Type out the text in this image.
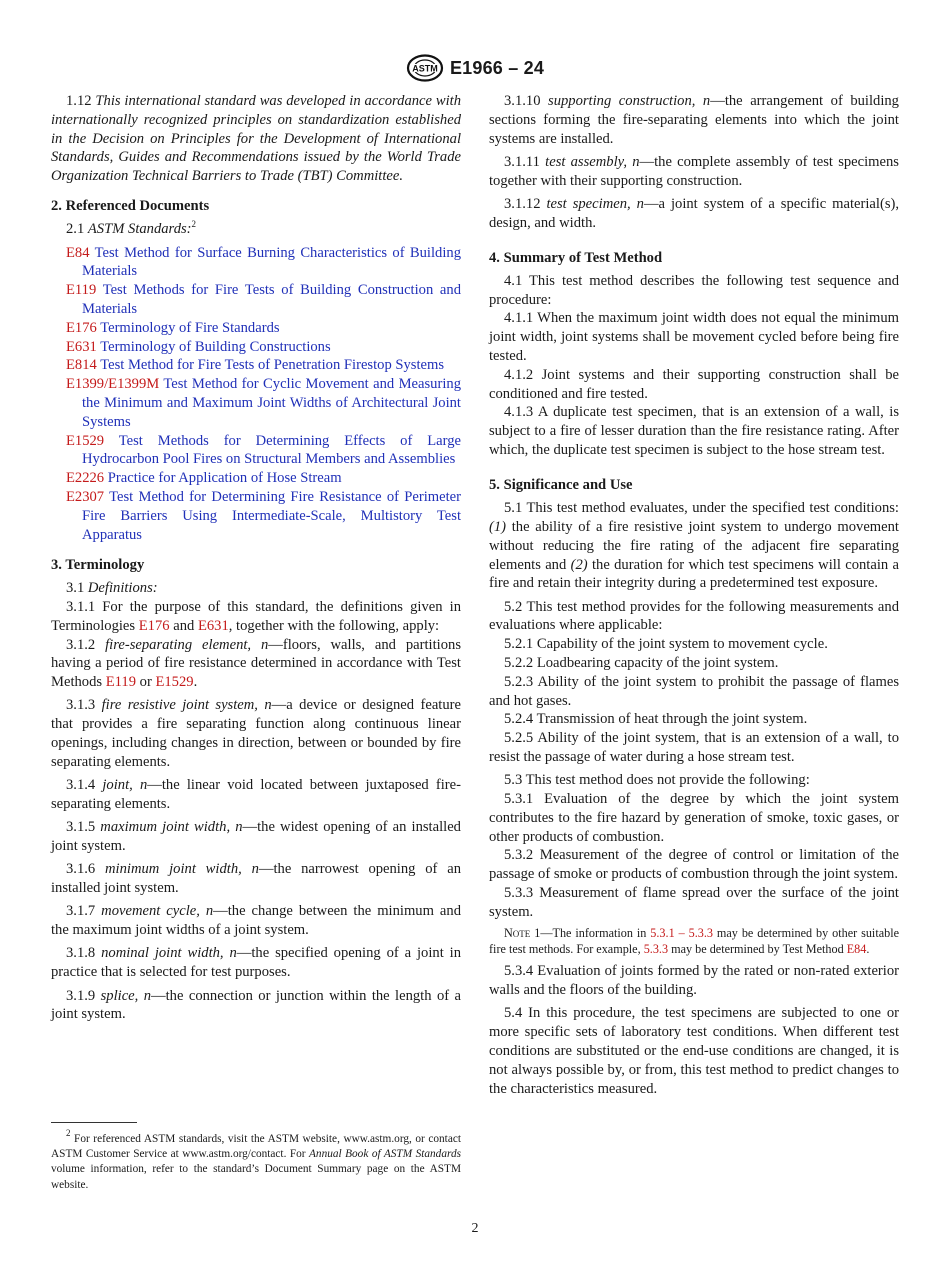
ASTM E1966 – 24

1.12 This international standard was developed in accordance with internationally recognized principles on standardization established in the Decision on Principles for the Development of International Standards, Guides and Recommendations issued by the World Trade Organization Technical Barriers to Trade (TBT) Committee.

2. Referenced Documents

2.1 ASTM Standards:$^2$

E84 Test Method for Surface Burning Characteristics of Building Materials

E119 Test Methods for Fire Tests of Building Construction and Materials

E176 Terminology of Fire Standards

E631 Terminology of Building Constructions

E814 Test Method for Fire Tests of Penetration Firestop Systems

E1399/E1399M Test Method for Cyclic Movement and Measuring the Minimum and Maximum Joint Widths of Architectural Joint Systems

E1529 Test Methods for Determining Effects of Large Hydrocarbon Pool Fires on Structural Members and Assemblies

E2226 Practice for Application of Hose Stream

E2307 Test Method for Determining Fire Resistance of Perimeter Fire Barriers Using Intermediate-Scale, Multistory Test Apparatus

3. Terminology

3.1 Definitions:

3.1.1 For the purpose of this standard, the definitions given in Terminologies E176 and E631, together with the following, apply:

3.1.2 fire-separating element, n—floors, walls, and partitions having a period of fire resistance determined in accordance with Test Methods E119 or E1529.

3.1.3 fire resistive joint system, n—a device or designed feature that provides a fire separating function along continuous linear openings, including changes in direction, between or bounded by fire separating elements.

3.1.4 joint, n—the linear void located between juxtaposed fire-separating elements.

3.1.5 maximum joint width, n—the widest opening of an installed joint system.

3.1.6 minimum joint width, n—the narrowest opening of an installed joint system.

3.1.7 movement cycle, n—the change between the minimum and the maximum joint widths of a joint system.

3.1.8 nominal joint width, n—the specified opening of a joint in practice that is selected for test purposes.

3.1.9 splice, n—the connection or junction within the length of a joint system.

$^2$ For referenced ASTM standards, visit the ASTM website, www.astm.org, or contact ASTM Customer Service at www.astm.org/contact. For Annual Book of ASTM Standards volume information, refer to the standard’s Document Summary page on the ASTM website.

3.1.10 supporting construction, n—the arrangement of building sections forming the fire-separating elements into which the joint systems are installed.

3.1.11 test assembly, n—the complete assembly of test specimens together with their supporting construction.

3.1.12 test specimen, n—a joint system of a specific material(s), design, and width.

4. Summary of Test Method

4.1 This test method describes the following test sequence and procedure:

4.1.1 When the maximum joint width does not equal the minimum joint width, joint systems shall be movement cycled before being fire tested.

4.1.2 Joint systems and their supporting construction shall be conditioned and fire tested.

4.1.3 A duplicate test specimen, that is an extension of a wall, is subject to a fire of lesser duration than the fire resistance rating. After which, the duplicate test specimen is subject to the hose stream test.

5. Significance and Use

5.1 This test method evaluates, under the specified test conditions: (1) the ability of a fire resistive joint system to undergo movement without reducing the fire rating of the adjacent fire separating elements and (2) the duration for which test specimens will contain a fire and retain their integrity during a predetermined test exposure.

5.2 This test method provides for the following measurements and evaluations where applicable:

5.2.1 Capability of the joint system to movement cycle.

5.2.2 Loadbearing capacity of the joint system.

5.2.3 Ability of the joint system to prohibit the passage of flames and hot gases.

5.2.4 Transmission of heat through the joint system.

5.2.5 Ability of the joint system, that is an extension of a wall, to resist the passage of water during a hose stream test.

5.3 This test method does not provide the following:

5.3.1 Evaluation of the degree by which the joint system contributes to the fire hazard by generation of smoke, toxic gases, or other products of combustion.

5.3.2 Measurement of the degree of control or limitation of the passage of smoke or products of combustion through the joint system.

5.3.3 Measurement of flame spread over the surface of the joint system.

Note 1—The information in 5.3.1 – 5.3.3 may be determined by other suitable fire test methods. For example, 5.3.3 may be determined by Test Method E84.

5.3.4 Evaluation of joints formed by the rated or non-rated exterior walls and the floors of the building.

5.4 In this procedure, the test specimens are subjected to one or more specific sets of laboratory test conditions. When different test conditions are substituted or the end-use conditions are changed, it is not always possible by, or from, this test method to predict changes to the characteristics measured.

2
